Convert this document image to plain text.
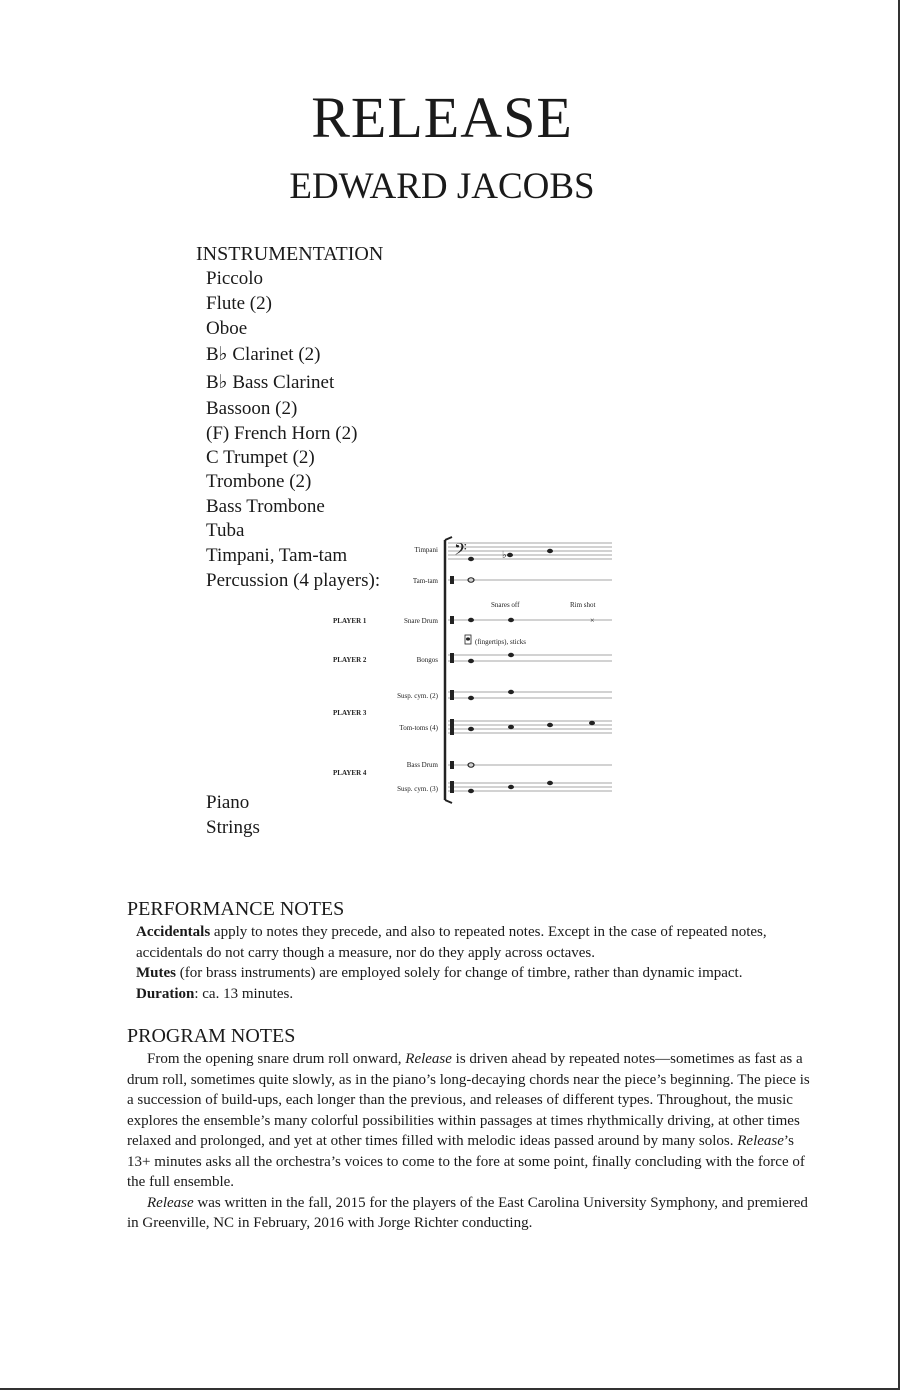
RELEASE
EDWARD JACOBS
INSTRUMENTATION
Piccolo
Flute (2)
Oboe
B♭ Clarinet (2)
B♭ Bass Clarinet
Bassoon (2)
(F) French Horn (2)
C Trumpet (2)
Trombone (2)
Bass Trombone
Tuba
Timpani, Tam-tam
Percussion (4 players):
𝄢	♭
Timpani
Tam-tam
Snares off	Rim shot
×
PLAYER 1	Snare Drum
(fingertips), sticks
PLAYER 2	Bongos
Susp. cym. (2)
PLAYER 3
Tom-toms (4)
Bass Drum
PLAYER 4
Susp. cym. (3)
Piano
Strings
PERFORMANCE NOTES

Accidentals apply to notes they precede, and also to repeated notes. Except in the case of repeated notes, accidentals do not carry though a measure, nor do they apply across octaves.

Mutes (for brass instruments) are employed solely for change of timbre, rather than dynamic impact.

Duration: ca. 13 minutes.

PROGRAM NOTES

From the opening snare drum roll onward, Release is driven ahead by repeated notes—sometimes as fast as a drum roll, sometimes quite slowly, as in the piano’s long-decaying chords near the piece’s beginning. The piece is a succession of build-ups, each longer than the previous, and releases of different types. Throughout, the music explores the ensemble’s many colorful possibilities within passages at times rhythmically driving, at other times relaxed and prolonged, and yet at other times filled with melodic ideas passed around by many solos. Release’s 13+ minutes asks all the orchestra’s voices to come to the fore at some point, finally concluding with the force of the full ensemble.

Release was written in the fall, 2015 for the players of the East Carolina University Symphony, and premiered in Greenville, NC in February, 2016 with Jorge Richter conducting.
